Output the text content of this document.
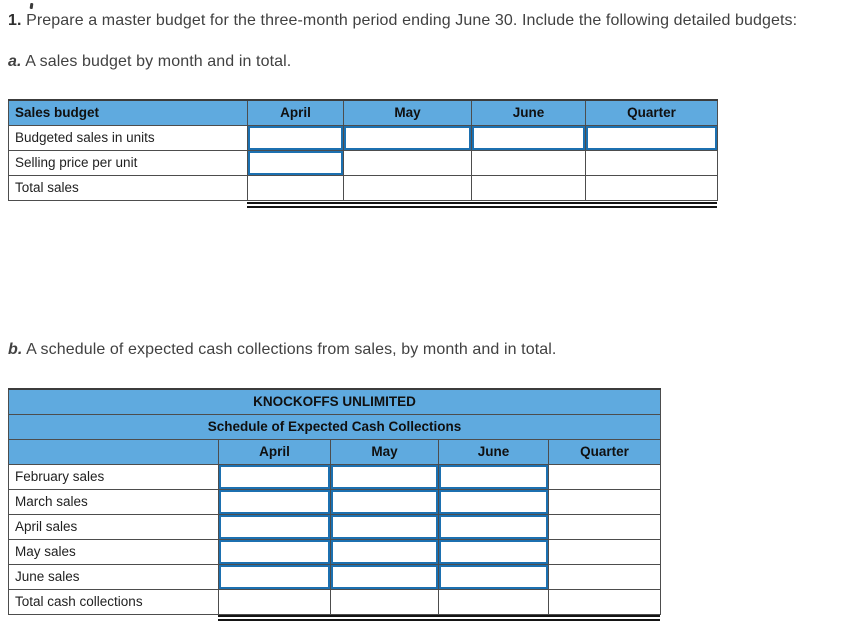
1. Prepare a master budget for the three-month period ending June 30. Include the following detailed budgets:

a. A sales budget by month and in total.

Sales budget	April	May	June	Quarter
Budgeted sales in units	

Selling price per unit	

Total sales				

b. A schedule of expected cash collections from sales, by month and in total.

KNOCKOFFS UNLIMITED				
Schedule of Expected Cash Collections				
	April	May	June	Quarter
February sales	

March sales	

April sales	

May sales	

June sales	

Total cash collections				
